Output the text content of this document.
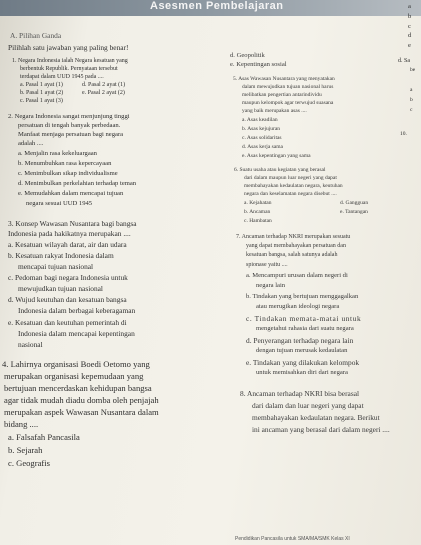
Asesmen Pembelajaran	a
b
c
d
e
A. Pilihan Ganda
Pilihlah satu jawaban yang paling benar!
1. Negara Indonesia ialah Negara kesatuan yang
berbentuk Republik. Pernyataan tersebut
terdapat dalam UUD 1945 pada ....
a. Pasal 1 ayat (1)	d. Pasal 2 ayat (1)
b. Pasal 1 ayat (2)	e. Pasal 2 ayat (2)
c. Pasal 1 ayat (3)
2. Negara Indonesia sangat menjunjung tinggi
persatuan di tengah banyak perbedaan.
Manfaat menjaga persatuan bagi negara
adalah ....
a. Menjalin rasa kekeluargaan
b. Menumbuhkan rasa kepercayaan
c. Menimbulkan sikap individualisme
d. Menimbulkan perkelahian terhadap teman
e. Memudahkan dalam mencapai tujuan
negara sesuai UUD 1945
3. Konsep Wawasan Nusantara bagi bangsa
Indonesia pada hakikatnya merupakan ....
a. Kesatuan wilayah darat, air dan udara
b. Kesatuan rakyat Indonesia dalam
mencapai tujuan nasional
c. Pedoman bagi negara Indonesia untuk
mewujudkan tujuan nasional
d. Wujud keutuhan dan kesatuan bangsa
Indonesia dalam berbagai keberagaman
e. Kesatuan dan keutuhan pemerintah di
Indonesia dalam mencapai kepentingan
nasional
4. Lahirnya organisasi Boedi Oetomo yang
merupakan organisasi kepemudaan yang
bertujuan mencerdaskan kehidupan bangsa
agar tidak mudah diadu domba oleh penjajah
merupakan aspek Wawasan Nusantara dalam
bidang ....
a. Falsafah Pancasila
b. Sejarah
c. Geografis
d. Geopolitik
e. Kepentingan sosial
5. Asas Wawasan Nusantara yang menyatakan
dalam mewujudkan tujuan nasional harus
melibatkan pengertian antarindividu
maupun kelompok agar terwujud suasana
yang baik merupakan asas ....
a. Asas keadilan
b. Asas kejujuran
c. Asas solidaritas
d. Asas kerja sama
e. Asas kepentingan yang sama
6. Suatu usaha atau kegiatan yang berasal
dari dalam maupun luar negeri yang dapat
membahayakan kedaulatan negara, keutuhan
negara dan keselamatan negara disebut ....
a. Kejahatan	d. Gangguan
b. Ancaman	e. Tantangan
c. Hambatan
7. Ancaman terhadap NKRI merupakan sesuatu
yang dapat membahayakan persatuan dan
kesatuan bangsa, salah satunya adalah
spionase yaitu ....
a. Mencampuri urusan dalam negeri di
negara lain
b. Tindakan yang bertujuan menggagalkan
atau merugikan ideologi negara
c. Tindakan memata-matai untuk
mengetahui rahasia dari suatu negara
d. Penyerangan terhadap negara lain
dengan tujuan merusak kedaulatan
e. Tindakan yang dilakukan kelompok
untuk memisahkan diri dari negara
8. Ancaman terhadap NKRI bisa berasal
dari dalam dan luar negeri yang dapat
membahayakan kedaulatan negara. Berikut
ini ancaman yang berasal dari dalam negeri ....
d. Sa
be
a
b
c
10.
Pendidikan Pancasila untuk SMA/MA/SMK Kelas XI
